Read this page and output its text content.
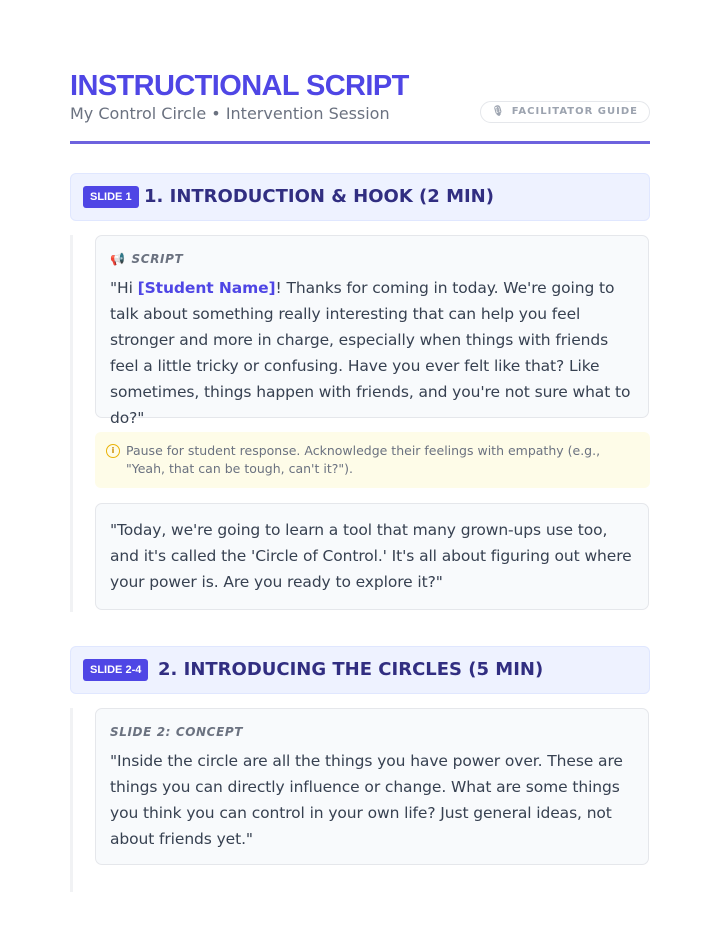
INSTRUCTIONAL SCRIPT
My Control Circle • Intervention Session	🎙 FACILITATOR GUIDE
SLIDE 1 1. INTRODUCTION & HOOK (2 MIN)
📢 SCRIPT
"Hi [Student Name]! Thanks for coming in today. We're going to talk about something really interesting that can help you feel stronger and more in charge, especially when things with friends feel a little tricky or confusing. Have you ever felt like that? Like sometimes, things happen with friends, and you're not sure what to do?"
i Pause for student response. Acknowledge their feelings with empathy (e.g., "Yeah, that can be tough, can't it?").
"Today, we're going to learn a tool that many grown-ups use too, and it's called the 'Circle of Control.' It's all about figuring out where your power is. Are you ready to explore it?"
SLIDE 2-4 2. INTRODUCING THE CIRCLES (5 MIN)
SLIDE 2: CONCEPT
"Inside the circle are all the things you have power over. These are things you can directly influence or change. What are some things you think you can control in your own life? Just general ideas, not about friends yet."
